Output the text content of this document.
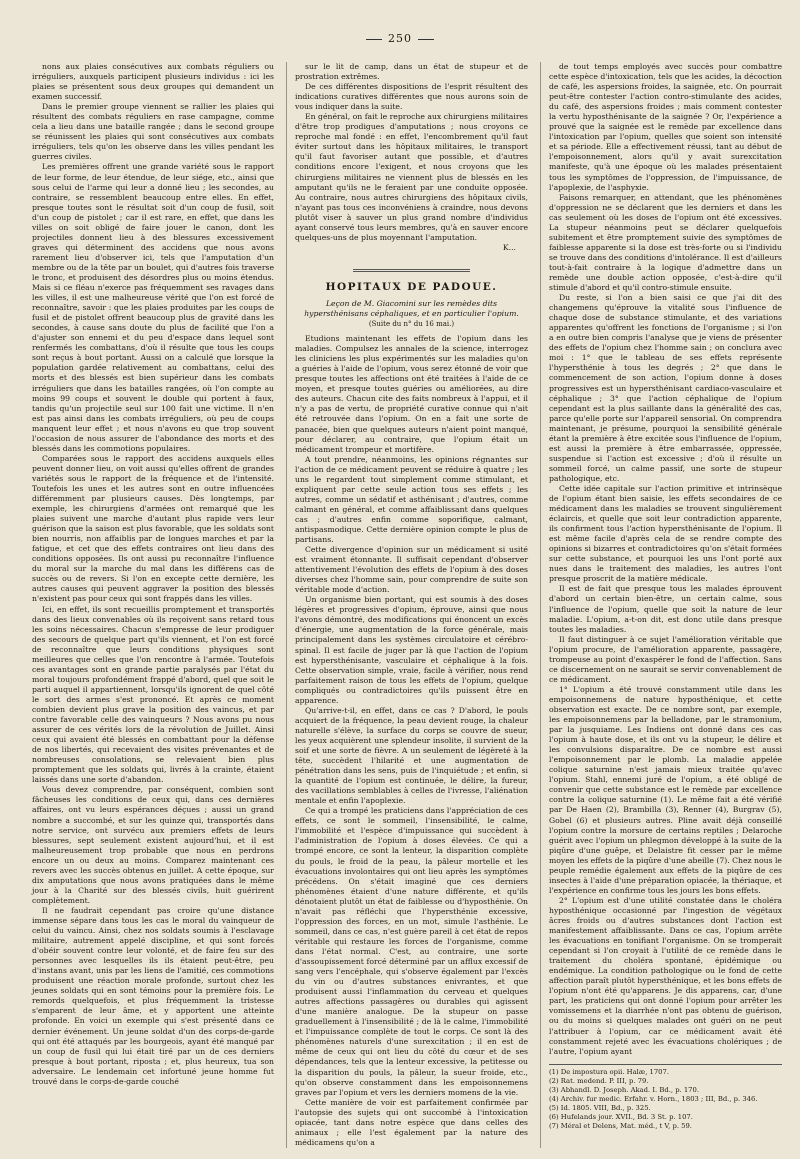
250

nons aux plaies consécutives aux combats réguliers ou irréguliers, auxquels participent plusieurs individus : ici les plaies se présentent sous deux groupes qui demandent un examen successif.

Dans le premier groupe viennent se rallier les plaies qui résultent des combats réguliers en rase campagne, comme cela a lieu dans une bataille rangée ; dans le second groupe se réunissent les plaies qui sont consécutives aux combats irréguliers, tels qu'on les observe dans les villes pendant les guerres civiles.

Les premières offrent une grande variété sous le rapport de leur forme, de leur étendue, de leur siége, etc., ainsi que sous celui de l'arme qui leur a donné lieu ; les secondes, au contraire, se ressemblent beaucoup entre elles. En effet, presque toutes sont le résultat soit d'un coup de fusil, soit d'un coup de pistolet ; car il est rare, en effet, que dans les villes on soit obligé de faire jouer le canon, dont les projectiles donnent lieu à des blessures excessivement graves qui déterminent des accidens que nous avons rarement lieu d'observer ici, tels que l'amputation d'un membre ou de la tête par un boulet, qui d'autres fois traverse le tronc, et produisent des désordres plus ou moins étendus. Mais si ce fléau n'exerce pas fréquemment ses ravages dans les villes, il est une malheureuse vérité que l'on est forcé de reconnaître, savoir : que les plaies produites par les coups de fusil et de pistolet offrent beaucoup plus de gravité dans les secondes, à cause sans doute du plus de facilité que l'on a d'ajuster son ennemi et du peu d'espace dans lequel sont renfermés les combattans, d'où il résulte que tous les coups sont reçus à bout portant. Aussi on a calculé que lorsque la population gardée relativement au combattans, celui des morts et des blessés est bien supérieur dans les combats irréguliers que dans les batailles rangées, où l'on compte au moins 99 coups et souvent le double qui portent à faux, tandis qu'un projectile seul sur 100 fait une victime. Il n'en est pas ainsi dans les combats irréguliers, où peu de coups manquent leur effet ; et nous n'avons eu que trop souvent l'occasion de nous assurer de l'abondance des morts et des blessés dans les commotions populaires.

Comparées sous le rapport des accidens auxquels elles peuvent donner lieu, on voit aussi qu'elles offrent de grandes variétés sous le rapport de la fréquence et de l'intensité. Toutefois les unes et les autres sont en outre influencées différemment par plusieurs causes. Dès longtemps, par exemple, les chirurgiens d'armées ont remarqué que les plaies suivent une marche d'autant plus rapide vers leur guérison que la saison est plus favorable, que les soldats sont bien nourris, non affaiblis par de longues marches et par la fatigue, et cet que des effets contraires ont lieu dans des conditions opposées. Ils ont aussi pu reconnaître l'influence du moral sur la marche du mal dans les différens cas de succès ou de revers. Si l'on en excepte cette dernière, les autres causes qui peuvent aggraver la position des blessés n'existent pas pour ceux qui sont frappés dans les villes.

Ici, en effet, ils sont recueillis promptement et transportés dans des lieux convenables où ils reçoivent sans retard tous les soins nécessaires. Chacun s'empresse de leur prodiguer des secours de quelque part qu'ils viennent, et l'on est forcé de reconnaître que leurs conditions physiques sont meilleures que celles que l'on rencontre à l'armée. Toutefois ces avantages sont en grande partie paralysés par l'état du moral toujours profondément frappé d'abord, quel que soit le parti auquel il appartiennent, lorsqu'ils ignorent de quel côté le sort des armes s'est prononcé. Et après ce moment combien devient plus grave la position des vaincus, et par contre favorable celle des vainqueurs ? Nous avons pu nous assurer de ces vérités lors de la révolution de Juillet. Ainsi ceux qui avaient été blessés en combattant pour la défense de nos libertés, qui recevaient des visites prévenantes et de nombreuses consolations, se relevaient bien plus promptement que les soldats qui, livrés à la crainte, étaient laissés dans une sorte d'abandon.

Vous devez comprendre, par conséquent, combien sont fâcheuses les conditions de ceux qui, dans ces dernières affaires, ont vu leurs espérances déçues ; aussi un grand nombre a succombé, et sur les quinze qui, transportés dans notre service, ont survécu aux premiers effets de leurs blessures, sept seulement existent aujourd'hui, et il est malheureusement trop probable que nous en perdrons encore un ou deux au moins. Comparez maintenant ces revers avec les succès obtenus en juillet. A cette époque, sur dix amputations que nous avons pratiquées dans le même jour à la Charité sur des blessés civils, huit guérirent complètement.

Il ne faudrait cependant pas croire qu'une distance immense sépare dans tous les cas le moral du vainqueur de celui du vaincu. Ainsi, chez nos soldats soumis à l'esclavage militaire, autrement appelé discipline, et qui sont forcés d'obéir souvent contre leur volonté, et de faire feu sur des personnes avec lesquelles ils ils étaient peut-être, peu d'instans avant, unis par les liens de l'amitié, ces commotions produisent une réaction morale profonde, surtout chez les jeunes soldats qui en sont témoins pour la première fois. Le remords quelquefois, et plus fréquemment la tristesse s'emparent de leur âme, et y apportent une atteinte profonde. En voici un exemple qui s'est présenté dans ce dernier événement. Un jeune soldat d'un des corps-de-garde qui ont été attaqués par les bourgeois, ayant été manqué par un coup de fusil qui lui était tiré par un de ces derniers presque à bout portant, riposta ; et, plus heureux, tua son adversaire. Le lendemain cet infortuné jeune homme fut trouvé dans le corps-de-garde couché

sur le lit de camp, dans un état de stupeur et de prostration extrêmes.

De ces différentes dispositions de l'esprit résultent des indications curatives différentes que nous aurons soin de vous indiquer dans la suite.

En général, on fait le reproche aux chirurgiens militaires d'être trop prodigues d'amputations ; nous croyons ce reproche mal fondé : en effet, l'encombrement qu'il faut éviter surtout dans les hôpitaux militaires, le transport qu'il faut favoriser autant que possible, et d'autres conditions encore l'exigent, et nous croyons que les chirurgiens militaires ne viennent plus de blessés en les amputant qu'ils ne le feraient par une conduite opposée. Au contraire, nous autres chirurgiens des hôpitaux civils, n'ayant pas tous ces inconvéniens à craindre, nous devons plutôt viser à sauver un plus grand nombre d'individus ayant conservé tous leurs membres, qu'à en sauver encore quelques-uns de plus moyennant l'amputation.

K...

HOPITAUX DE PADOUE.

Leçon de M. Giacomini sur les remèdes dits hypersthénisans céphaliques, et en particulier l'opium.

(Suite du n° du 16 mai.)

Etudions maintenant les effets de l'opium dans les maladies. Compulsez les annales de la science, interrogez les cliniciens les plus expérimentés sur les maladies qu'on a guéries à l'aide de l'opium, vous serez étonné de voir que presque toutes les affections ont été traitées à l'aide de ce moyen, et presque toutes guéries ou améliorées, au dire des auteurs. Chacun cite des faits nombreux à l'appui, et il n'y a pas de vertu, de propriété curative connue qui n'ait été retrouvée dans l'opium. On en a fait une sorte de panacée, bien que quelques auteurs n'aient point manqué, pour déclarer, au contraire, que l'opium était un médicament trompeur et mortifère.

A tout prendre, néanmoins, les opinions régnantes sur l'action de ce médicament peuvent se réduire à quatre ; les uns le regardent tout simplement comme stimulant, et expliquent par cette seule action tous ses effets ; les autres, comme un sédatif et asthénisant ; d'autres, comme calmant en général, et comme affaiblissant dans quelques cas ; d'autres enfin comme soporifique, calmant, antispasmodique. Cette dernière opinion compte le plus de partisans.

Cette divergence d'opinion sur un médicament si usité est vraiment étonnante. Il suffisait cependant d'observer attentivement l'évolution des effets de l'opium à des doses diverses chez l'homme sain, pour comprendre de suite son véritable mode d'action.

Un organisme bien portant, qui est soumis à des doses légères et progressives d'opium, éprouve, ainsi que nous l'avons démontré, des modifications qui énoncent un excès d'énergie, une augmentation de la force générale, mais principalement dans les systèmes circulatoire et cérébro-spinal. Il est facile de juger par là que l'action de l'opium est hypersthénisante, vasculaire et céphalique à la fois. Cette observation simple, vraie, facile à vérifier, nous rend parfaitement raison de tous les effets de l'opium, quelque compliqués ou contradictoires qu'ils puissent être en apparence.

Qu'arrive-t-il, en effet, dans ce cas ? D'abord, le pouls acquiert de la fréquence, la peau devient rouge, la chaleur naturelle s'élève, la surface du corps se couvre de sueur, les yeux acquièrent une splendeur insolite, il survient de la soif et une sorte de fièvre. A un seulement de légèreté à la tête, succèdent l'hilarité et une augmentation de pénétration dans les sens, puis de l'inquiétude ; et enfin, si la quantité de l'opium est continuée, le délire, la fureur, des vacillations semblables à celles de l'ivresse, l'aliénation mentale et enfin l'apoplexie.

Ce qui a trompé les praticiens dans l'appréciation de ces effets, ce sont le sommeil, l'insensibilité, le calme, l'immobilité et l'espèce d'impuissance qui succèdent à l'administration de l'opium à doses élevées. Ce qui a trompé encore, ce sont la lenteur, la disparition complète du pouls, le froid de la peau, la pâleur mortelle et les évacuations involontaires qui ont lieu après les symptômes précédens. On s'était imaginé que ces derniers phénomènes étaient d'une nature différente, et qu'ils dénotaient plutôt un état de faiblesse ou d'hyposthénie. On n'avait pas réfléchi que l'hypersthénie excessive, l'oppression des forces, en un mot, simule l'asthénie. Le sommeil, dans ce cas, n'est guère pareil à cet état de repos véritable qui restaure les forces de l'organisme, comme dans l'état normal. C'est, au contraire, une sorte d'assoupissement forcé déterminé par un afflux excessif de sang vers l'encéphale, qui s'observe également par l'excès du vin ou d'autres substances enivrantes, et que produisent aussi l'inflammation du cerveau et quelques autres affections passagères ou durables qui agissent d'une manière analogue. De la stupeur on passe graduellement à l'insensibilité ; de là le calme, l'immobilité et l'impuissance complète de tout le corps. Ce sont là des phénomènes naturels d'une surexcitation ; il en est de même de ceux qui ont lieu du côté du cœur et de ses dépendances, tels que la lenteur excessive, la petitesse ou la disparition du pouls, la pâleur, la sueur froide, etc., qu'on observe constamment dans les empoisonnemens graves par l'opium et vers les derniers momens de la vie.

Cette manière de voir est parfaitement confirmée par l'autopsie des sujets qui ont succombé à l'intoxication opiacée, tant dans notre espèce que dans celles des animaux ; elle l'est également par la nature des médicamens qu'on a

de tout temps employés avec succès pour combattre cette espèce d'intoxication, tels que les acides, la décoction de café, les aspersions froides, la saignée, etc. On pourrait peut-être contester l'action contro-stimulante des acides, du café, des aspersions froides ; mais comment contester la vertu hyposthénisante de la saignée ? Or, l'expérience a prouvé que la saignée est le remède par excellence dans l'intoxication par l'opium, quelles que soient son intensité et sa période. Elle a effectivement réussi, tant au début de l'empoisonnement, alors qu'il y avait surexcitation manifeste, qu'à une époque où les malades présentaient tous les symptômes de l'oppression, de l'impuissance, de l'apoplexie, de l'asphyxie.

Faisons remarquer, en attendant, que les phénomènes d'oppression ne se déclarent que les derniers et dans les cas seulement où les doses de l'opium ont été excessives. La stupeur néanmoins peut se déclarer quelquefois subitement et être promptement suivie des symptômes de faiblesse apparente si la dose est très-forte ou si l'individu se trouve dans des conditions d'intolérance. Il est d'ailleurs tout-à-fait contraire à la logique d'admettre dans un remède une double action opposée, c'est-à-dire qu'il stimule d'abord et qu'il contro-stimule ensuite.

Du reste, si l'on a bien saisi ce que j'ai dit des changemens qu'éprouve la vitalité sous l'influence de chaque dose de substance stimulante, et des variations apparentes qu'offrent les fonctions de l'organisme ; si l'on a en outre bien compris l'analyse que je viens de présenter des effets de l'opium chez l'homme sain ; on conclura avec moi : 1° que le tableau de ses effets représente l'hypersthénie à tous les degrés ; 2° que dans le commencement de son action, l'opium donne à doses progressives est un hypersthénisant cardiaco-vasculaire et céphalique ; 3° que l'action céphalique de l'opium cependant est la plus saillante dans la généralité des cas, parce qu'elle porte sur l'appareil sensorial. On comprendra maintenant, je présume, pourquoi la sensibilité générale étant la première à être excitée sous l'influence de l'opium, est aussi la première à être embarrassée, oppressée, suspendue si l'action est excessive ; d'où il résulte un sommeil forcé, un calme passif, une sorte de stupeur pathologique, etc.

Cette idée capitale sur l'action primitive et intrinsèque de l'opium étant bien saisie, les effets secondaires de ce médicament dans les maladies se trouvent singulièrement éclaircis, et quelle que soit leur contradiction apparente, ils confirment tous l'action hypersthénisante de l'opium. Il est même facile d'après cela de se rendre compte des opinions si bizarres et contradictoires qu'on s'était formées sur cette substance, et pourquoi les uns l'ont porté aux nues dans le traitement des maladies, les autres l'ont presque proscrit de la matière médicale.

Il est de fait que presque tous les malades éprouvent d'abord un certain bien-être, un certain calme, sous l'influence de l'opium, quelle que soit la nature de leur maladie. L'opium, a-t-on dit, est donc utile dans presque toutes les maladies.

Il faut distinguer à ce sujet l'amélioration véritable que l'opium procure, de l'amélioration apparente, passagère, trompeuse au point d'exaspérer le fond de l'affection. Sans ce discernement on ne saurait se servir convenablement de ce médicament.

1° L'opium a été trouvé constamment utile dans les empoisonnemens de nature hyposthénique, et cette observation est exacte. De ce nombre sont, par exemple, les empoisonnemens par la belladone, par le stramonium, par la jusquiame. Les Indiens ont donné dans ces cas l'opium à haute dose, et ils ont vu la stupeur, le délire et les convulsions disparaître. De ce nombre est aussi l'empoisonnement par le plomb. La maladie appelée colique saturnine n'est jamais mieux traitée qu'avec l'opium. Stahl, ennemi juré de l'opium, a été obligé de convenir que cette substance est le remède par excellence contre la colique saturnine (1). Le même fait a été vérifié par De Haen (2), Brambilla (3), Renner (4), Burgrav (5), Gobel (6) et plusieurs autres. Pline avait déjà conseillé l'opium contre la morsure de certains reptiles ; Delaroche guérit avec l'opium un phlegmon développé à la suite de la piqûre d'une guêpe, et Delaistre fit cesser par le même moyen les effets de la piqûre d'une abeille (7). Chez nous le peuple remédie également aux effets de la piqûre de ces insectes à l'aide d'une préparation opiacée, la thériaque, et l'expérience en confirme tous les jours les bons effets.

2° L'opium est d'une utilité constatée dans le choléra hyposthénique occasionné par l'ingestion de végétaux âcres froids ou d'autres substances dont l'action est manifestement affaiblissante. Dans ce cas, l'opium arrête les évacuations en tonifiant l'organisme. On se tromperait cependant si l'on croyait à l'utilité de ce remède dans le traitement du choléra spontané, épidémique ou endémique. La condition pathologique ou le fond de cette affection paraît plutôt hypersthénique, et les bons effets de l'opium n'ont été qu'apparens. Je dis apparens, car, d'une part, les praticiens qui ont donné l'opium pour arrêter les vomissemens et la diarrhée n'ont pas obtenu de guérison, ou du moins si quelques malades ont guéri on ne peut l'attribuer à l'opium, car ce médicament avait été constamment rejeté avec les évacuations cholériques ; de l'autre, l'opium ayant

(1) De impostura opii. Halæ, 1707.
(2) Rat. medend. P. III, p. 79.
(3) Abhandl. D. Joseph. Akad. I. Bd., p. 170.
(4) Archiv. fur medic. Erfahr. v. Horn., 1803 ; III, Bd., p. 346.
(5) Id. 1805. VIII, Bd., p. 325.
(6) Hufelands jour. XVII., Bd. 3 St. p. 107.
(7) Méral et Delens, Mat. méd., t V, p. 59.
